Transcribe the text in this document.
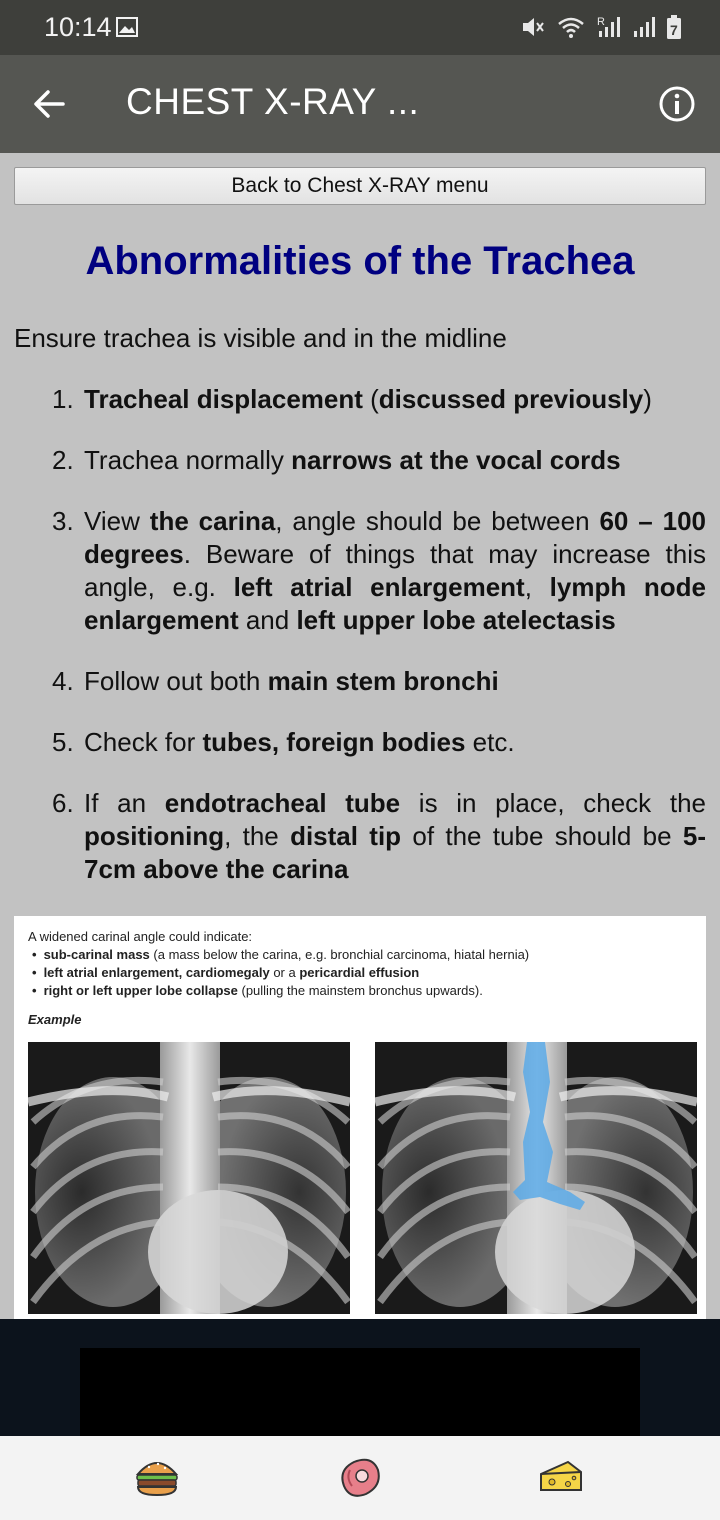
10:14	R	7
CHEST X-RAY ...
Back to Chest X-RAY menu
Abnormalities of the Trachea
Ensure trachea is visible and in the midline
1. Tracheal displacement (discussed previously)
2. Trachea normally narrows at the vocal cords
3. View the carina, angle should be between 60 – 100 degrees. Beware of things that may increase this angle, e.g. left atrial enlargement, lymph node enlargement and left upper lobe atelectasis
4. Follow out both main stem bronchi
5. Check for tubes, foreign bodies etc.
6. If an endotracheal tube is in place, check the positioning, the distal tip of the tube should be 5-7cm above the carina
A widened carinal angle could indicate:
• sub-carinal mass (a mass below the carina, e.g. bronchial carcinoma, hiatal hernia)
• left atrial enlargement, cardiomegaly or a pericardial effusion
• right or left upper lobe collapse (pulling the mainstem bronchus upwards).
Example
